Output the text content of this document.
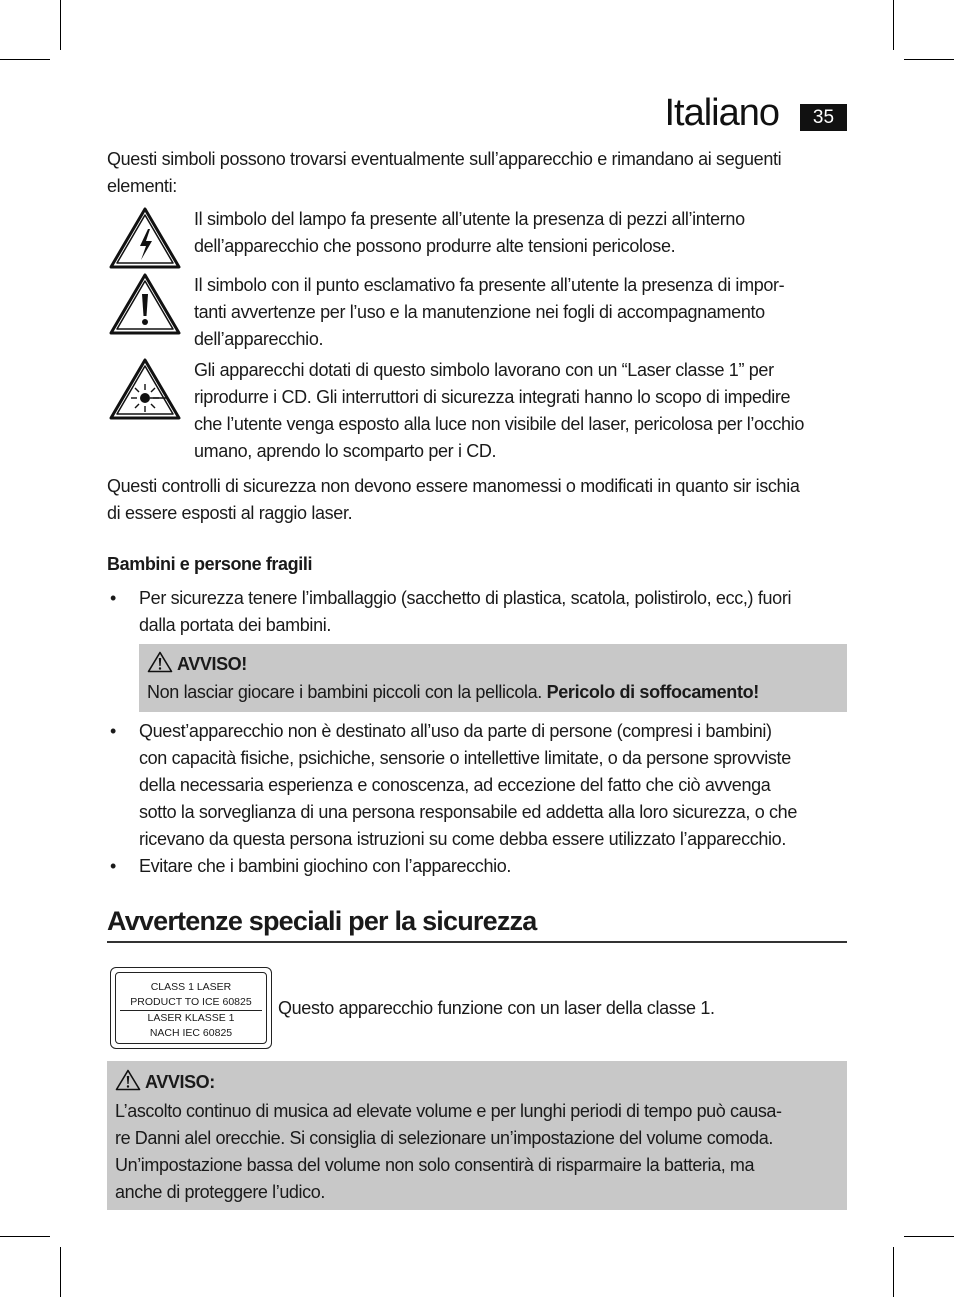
Italiano	35
Questi simboli possono trovarsi eventualmente sull’apparecchio e rimandano ai seguenti elementi:
Il simbolo del lampo fa presente all’utente la presenza di pezzi all’interno
dell’apparecchio che possono produrre alte tensioni pericolose.
Il simbolo con il punto esclamativo fa presente all’utente la presenza di impor-
tanti avvertenze per l’uso e la manutenzione nei fogli di accompagnamento
dell’apparecchio.
Gli apparecchi dotati di questo simbolo lavorano con un “Laser classe 1” per
riprodurre i CD. Gli interruttori di sicurezza integrati hanno lo scopo di impedire
che l’utente venga esposto alla luce non visibile del laser, pericolosa per l’occhio
umano, aprendo lo scomparto per i CD.
Questi controlli di sicurezza non devono essere manomessi o modificati in quanto sir ischia
di essere esposti al raggio laser.
Bambini e persone fragili
• Per sicurezza tenere l’imballaggio (sacchetto di plastica, scatola, polistirolo, ecc,) fuori
dalla portata dei bambini.
AVVISO!
Non lasciar giocare i bambini piccoli con la pellicola. Pericolo di soffocamento!
• Quest’apparecchio non è destinato all’uso da parte di persone (compresi i bambini)
con capacità fisiche, psichiche, sensorie o intellettive limitate, o da persone sprovviste
della necessaria esperienza e conoscenza, ad eccezione del fatto che ciò avvenga
sotto la sorveglianza di una persona responsabile ed addetta alla loro sicurezza, o che
ricevano da questa persona istruzioni su come debba essere utilizzato l’apparecchio.
• Evitare che i bambini giochino con l’apparecchio.
Avvertenze speciali per la sicurezza
CLASS 1 LASER
PRODUCT TO ICE 60825
LASER KLASSE 1
NACH IEC 60825
Questo apparecchio funzione con un laser della classe 1.
AVVISO:
L’ascolto continuo di musica ad elevate volume e per lunghi periodi di tempo può causa-
re Danni alel orecchie. Si consiglia di selezionare un’impostazione del volume comoda.
Un’impostazione bassa del volume non solo consentirà di risparmaire la batteria, ma
anche di proteggere l’udico.
